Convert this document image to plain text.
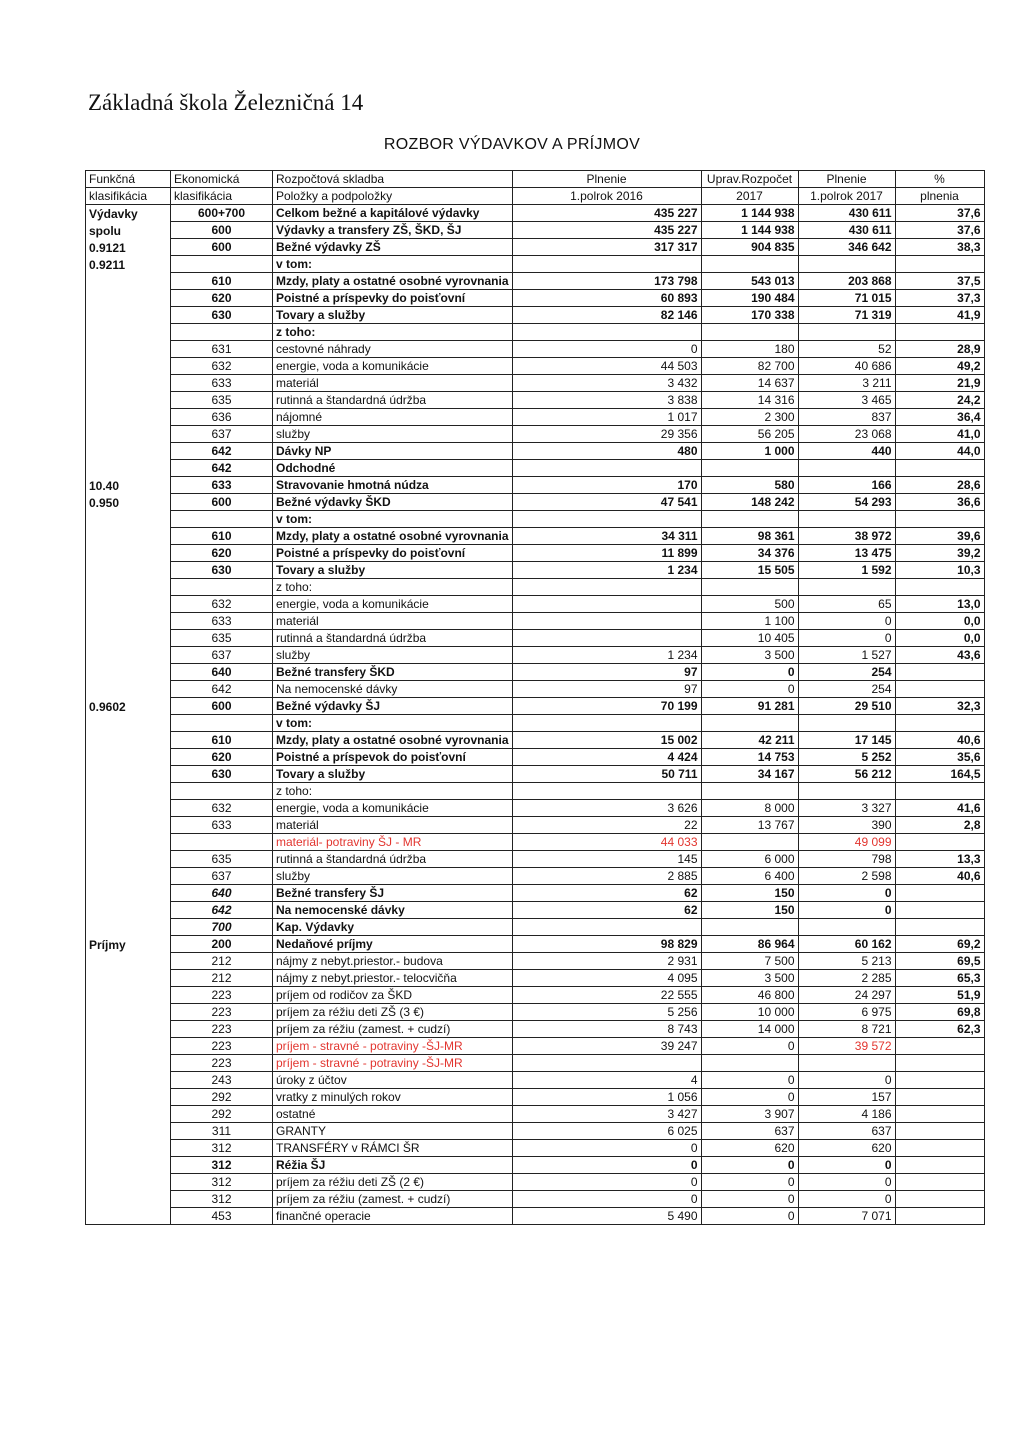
Základná škola Železničná 14
ROZBOR VÝDAVKOV A PRÍJMOV
Funkčná	Ekonomická	Rozpočtová skladba	Plnenie	Uprav.Rozpočet	Plnenie	%
klasifikácia	klasifikácia	Položky a podpoložky	1.polrok 2016	2017	1.polrok 2017	plnenia
Výdavky	600+700	Celkom bežné a kapitálové výdavky	435 227	1 144 938	430 611	37,6
spolu	600	Výdavky a transfery ZŠ, ŠKD, ŠJ	435 227	1 144 938	430 611	37,6
0.9121	600	Bežné výdavky ZŠ	317 317	904 835	346 642	38,3
0.9211		v tom:				
	610	Mzdy, platy a ostatné osobné vyrovnania	173 798	543 013	203 868	37,5
	620	Poistné a príspevky do poisťovní	60 893	190 484	71 015	37,3
	630	Tovary a služby	82 146	170 338	71 319	41,9
		z toho:				
	631	cestovné náhrady	0	180	52	28,9
	632	energie, voda a komunikácie	44 503	82 700	40 686	49,2
	633	materiál	3 432	14 637	3 211	21,9
	635	rutinná a štandardná údržba	3 838	14 316	3 465	24,2
	636	nájomné	1 017	2 300	837	36,4
	637	služby	29 356	56 205	23 068	41,0
	642	Dávky NP	480	1 000	440	44,0
	642	Odchodné				
10.40	633	Stravovanie hmotná núdza	170	580	166	28,6
0.950	600	Bežné výdavky ŠKD	47 541	148 242	54 293	36,6
		v tom:				
	610	Mzdy, platy a ostatné osobné vyrovnania	34 311	98 361	38 972	39,6
	620	Poistné a príspevky do poisťovní	11 899	34 376	13 475	39,2
	630	Tovary a služby	1 234	15 505	1 592	10,3
		z toho:				
	632	energie, voda a komunikácie		500	65	13,0
	633	materiál		1 100	0	0,0
	635	rutinná a štandardná údržba		10 405	0	0,0
	637	služby	1 234	3 500	1 527	43,6
	640	Bežné transfery ŠKD	97	0	254	
	642	Na nemocenské dávky	97	0	254	
0.9602	600	Bežné výdavky ŠJ	70 199	91 281	29 510	32,3
		v tom:				
	610	Mzdy, platy a ostatné osobné vyrovnania	15 002	42 211	17 145	40,6
	620	Poistné a príspevok do poisťovní	4 424	14 753	5 252	35,6
	630	Tovary a služby	50 711	34 167	56 212	164,5
		z toho:				
	632	energie, voda a komunikácie	3 626	8 000	3 327	41,6
	633	materiál	22	13 767	390	2,8
		materiál- potraviny ŠJ - MR	44 033		49 099	
	635	rutinná a štandardná údržba	145	6 000	798	13,3
	637	služby	2 885	6 400	2 598	40,6
	640	Bežné transfery ŠJ	62	150	0	
	642	Na nemocenské dávky	62	150	0	
	700	Kap. Výdavky				
Príjmy	200	Nedaňové príjmy	98 829	86 964	60 162	69,2
	212	nájmy z nebyt.priestor.- budova	2 931	7 500	5 213	69,5
	212	nájmy z nebyt.priestor.- telocvičňa	4 095	3 500	2 285	65,3
	223	príjem od rodičov za ŠKD	22 555	46 800	24 297	51,9
	223	príjem za réžiu deti ZŠ (3 €)	5 256	10 000	6 975	69,8
	223	príjem za réžiu (zamest. + cudzí)	8 743	14 000	8 721	62,3
	223	príjem - stravné - potraviny -ŠJ-MR	39 247	0	39 572	
	223	príjem - stravné - potraviny -ŠJ-MR				
	243	úroky z účtov	4	0	0	
	292	vratky z minulých rokov	1 056	0	157	
	292	ostatné	3 427	3 907	4 186	
	311	GRANTY	6 025	637	637	
	312	TRANSFÉRY v RÁMCI ŠR	0	620	620	
	312	Réžia ŠJ	0	0	0	
	312	príjem za réžiu deti ZŠ (2 €)	0	0	0	
	312	príjem za réžiu (zamest. + cudzí)	0	0	0	
	453	finančné operacie	5 490	0	7 071	
